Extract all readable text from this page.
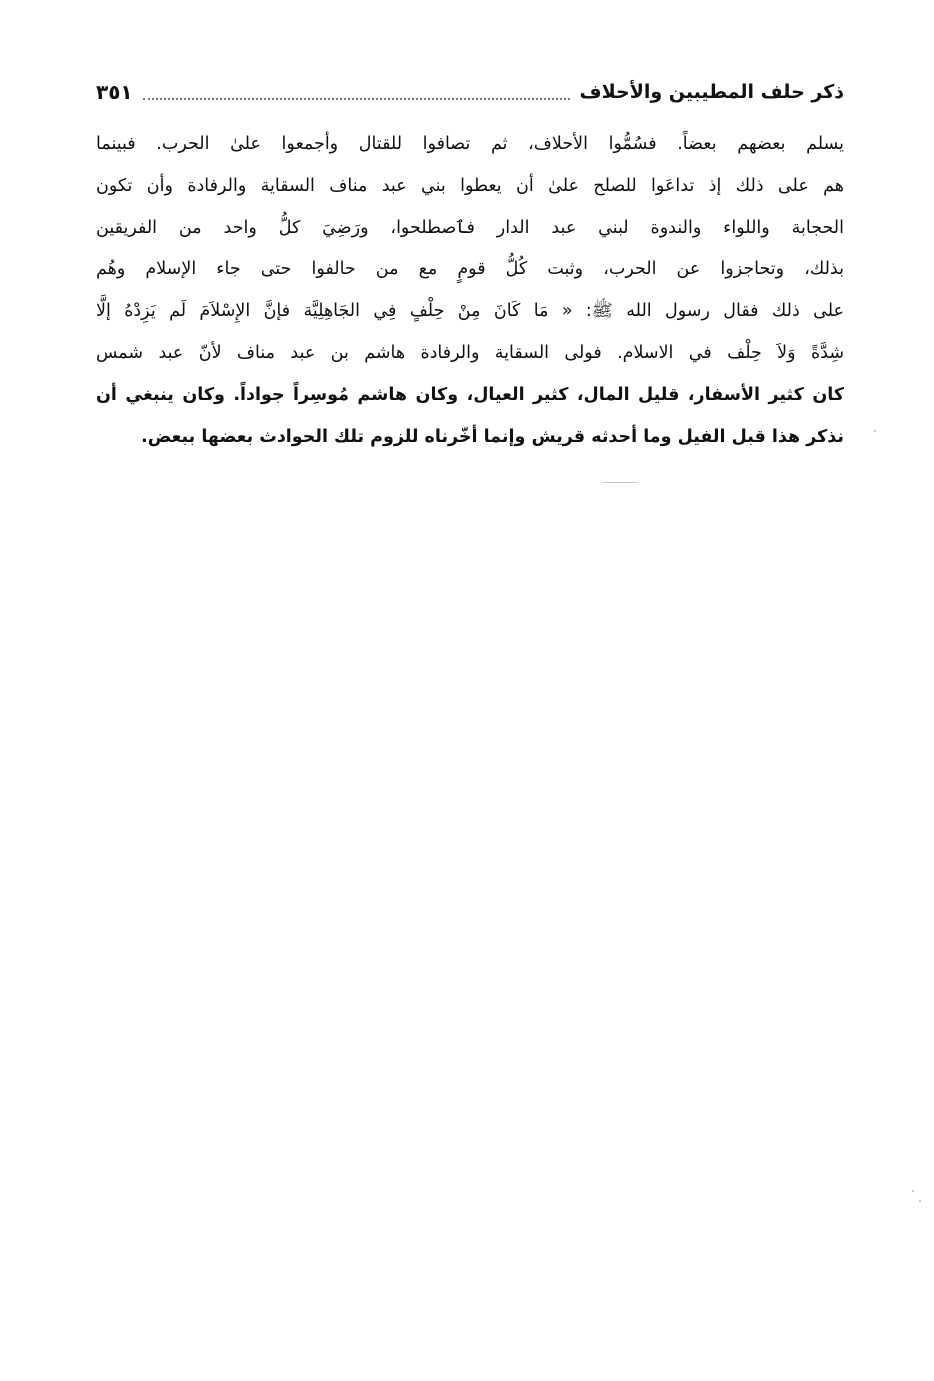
ذكر حلف المطيبين والأحلاف
٣٥١
يسلم بعضهم بعضاً. فسُمُّوا الأحلاف، ثم تصافوا للقتال وأجمعوا علىٰ الحرب. فبينما
هم على ذلك إذ تداعَوا للصلح علىٰ أن يعطوا بني عبد مناف السقاية والرفادة وأن تكون
الحجابة واللواء والندوة لبني عبد الدار فٱصطلحوا، ورَضِيَ كلُّ واحد من الفريقين
بذلك، وتحاجزوا عن الحرب، وثبت كُلُّ قومٍ مع من حالفوا حتى جاء الإسلام وهُم
على ذلك فقال رسول الله ﷺ: « مَا كَانَ مِنْ حِلْفٍ فِي الجَاهِلِيَّة فإنَّ الإِسْلاَمَ لَم يَزِدْهُ إلَّا
شِدَّةً وَلاَ حِلْف في الاسلام. فولى السقاية والرفادة هاشم بن عبد مناف لأنّ عبد شمس
كان كثير الأسفار، قليل المال، كثير العيال، وكان هاشم مُوسِراً جواداً. وكان ينبغي أن
نذكر هذا قبل الفيل وما أحدثه قريش وإنما أخّرناه للزوم تلك الحوادث بعضها ببعض.
